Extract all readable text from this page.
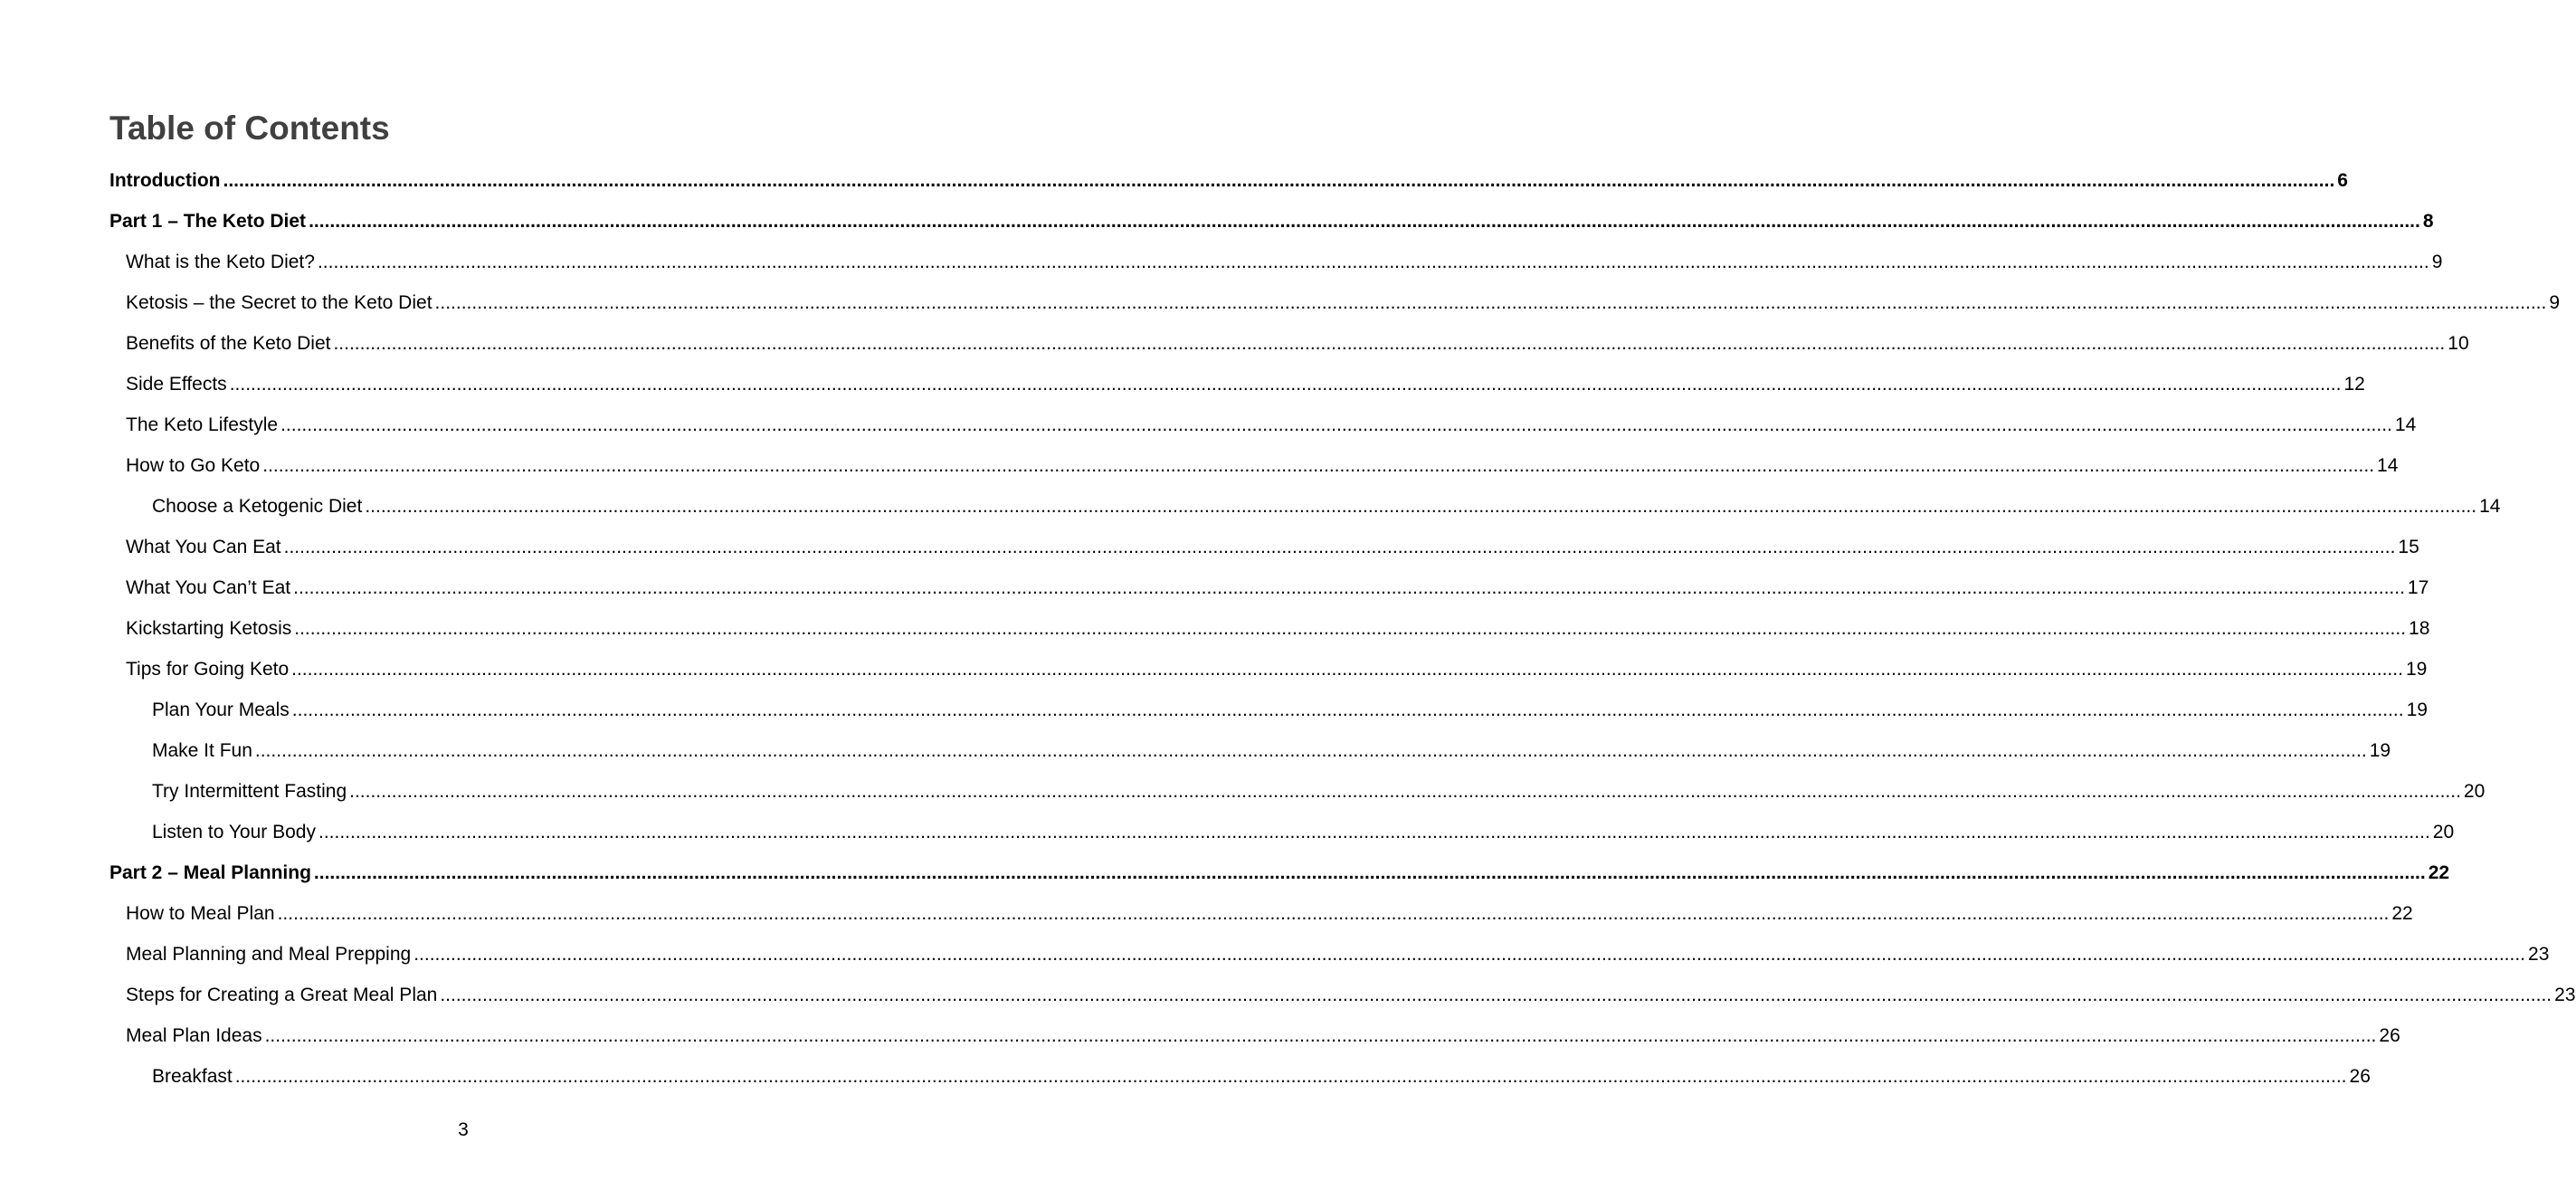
Table of Contents
Introduction ................................................................................................................................................................................................................................................................................................................................................................................................................ 6
Part 1 – The Keto Diet ................................................................................................................................................................................................................................................................................................................................................................................................................ 8
What is the Keto Diet? ................................................................................................................................................................................................................................................................................................................................................................................................................ 9
Ketosis – the Secret to the Keto Diet ................................................................................................................................................................................................................................................................................................................................................................................................................ 9
Benefits of the Keto Diet ................................................................................................................................................................................................................................................................................................................................................................................................................ 10
Side Effects ................................................................................................................................................................................................................................................................................................................................................................................................................ 12
The Keto Lifestyle ................................................................................................................................................................................................................................................................................................................................................................................................................ 14
How to Go Keto ................................................................................................................................................................................................................................................................................................................................................................................................................ 14
Choose a Ketogenic Diet ................................................................................................................................................................................................................................................................................................................................................................................................................ 14
What You Can Eat ................................................................................................................................................................................................................................................................................................................................................................................................................ 15
What You Can’t Eat ................................................................................................................................................................................................................................................................................................................................................................................................................ 17
Kickstarting Ketosis ................................................................................................................................................................................................................................................................................................................................................................................................................ 18
Tips for Going Keto ................................................................................................................................................................................................................................................................................................................................................................................................................ 19
Plan Your Meals ................................................................................................................................................................................................................................................................................................................................................................................................................ 19
Make It Fun ................................................................................................................................................................................................................................................................................................................................................................................................................ 19
Try Intermittent Fasting ................................................................................................................................................................................................................................................................................................................................................................................................................ 20
Listen to Your Body ................................................................................................................................................................................................................................................................................................................................................................................................................ 20
Part 2 – Meal Planning ................................................................................................................................................................................................................................................................................................................................................................................................................ 22
How to Meal Plan ................................................................................................................................................................................................................................................................................................................................................................................................................ 22
Meal Planning and Meal Prepping ................................................................................................................................................................................................................................................................................................................................................................................................................ 23
Steps for Creating a Great Meal Plan ................................................................................................................................................................................................................................................................................................................................................................................................................ 23
Meal Plan Ideas ................................................................................................................................................................................................................................................................................................................................................................................................................ 26
Breakfast ................................................................................................................................................................................................................................................................................................................................................................................................................ 26
3
